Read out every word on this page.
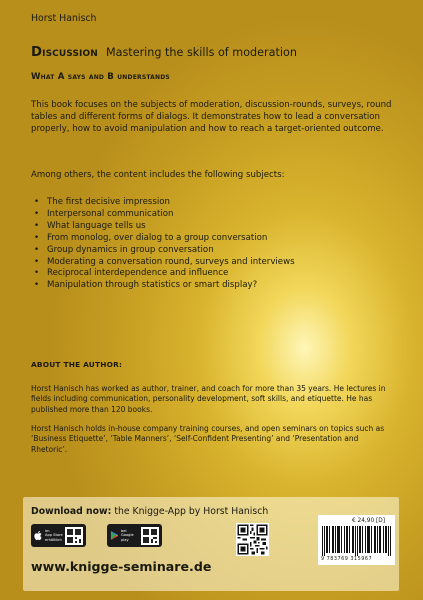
Horst Hanisch
Discussion Mastering the skills of moderation
What A says and B understands

This book focuses on the subjects of moderation, discussion-rounds, surveys, round tables and different forms of dialogs. It demonstrates how to lead a conversation properly, how to avoid manipulation and how to reach a target-oriented outcome.

Among others, the content includes the following subjects:

• The first decisive impression
• Interpersonal communication
• What language tells us
• From monolog, over dialog to a group conversation
• Group dynamics in group conversation
• Moderating a conversation round, surveys and interviews
• Reciprocal interdependence and influence
• Manipulation through statistics or smart display?
ABOUT THE AUTHOR:

Horst Hanisch has worked as author, trainer, and coach for more than 35 years. He lectures in fields including communication, personality development, soft skills, and etiquette. He has published more than 120 books.

Horst Hanisch holds in-house company training courses, and open seminars on topics such as ‘Business Etiquette’, ‘Table Manners’, ‘Self-Confident Presenting’ and ‘Presentation and Rhetoric’.

Download now: the Knigge-App by Horst Hanisch
im
App Store
erhältlich
bei
Google
play
€ 24,90 [D]
9 783769 315967
www.knigge-seminare.de
